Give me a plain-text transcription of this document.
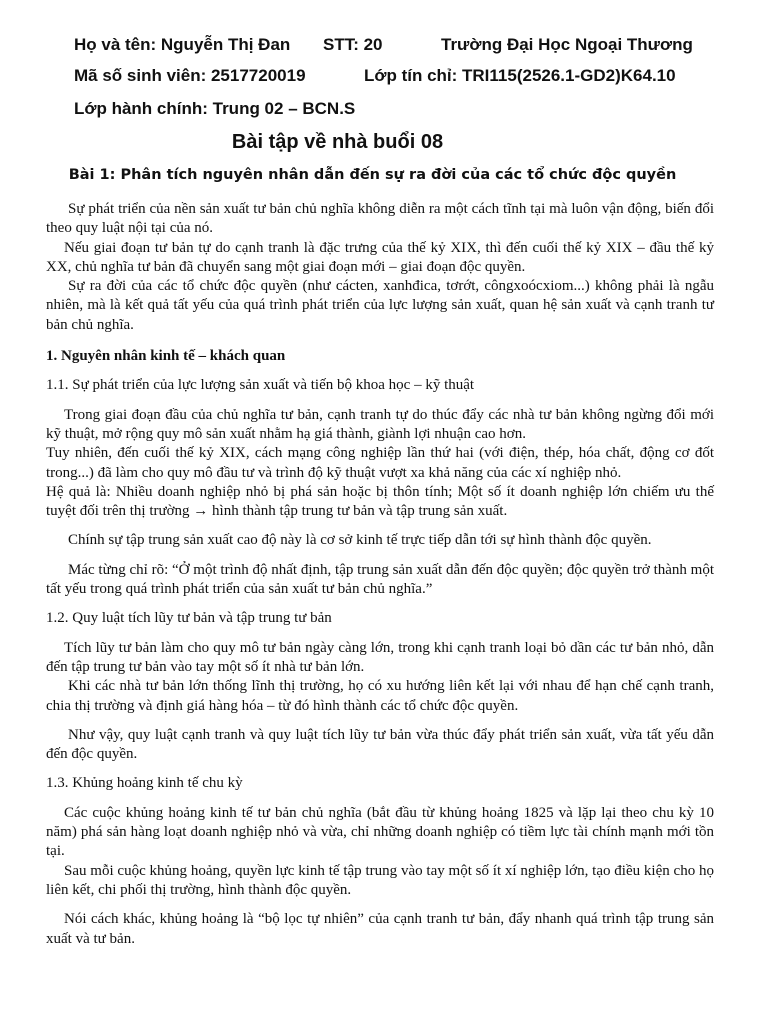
Họ và tên: Nguyễn Thị Đan STT: 20	Trường Đại Học Ngoại Thương
Mã số sinh viên: 2517720019	Lớp tín chỉ: TRI115(2526.1-GD2)K64.10
Lớp hành chính: Trung 02 – BCN.S
Bài tập về nhà buổi 08
Bài 1: Phân tích nguyên nhân dẫn đến sự ra đời của các tổ chức độc quyền

Sự phát triển của nền sản xuất tư bản chủ nghĩa không diễn ra một cách tĩnh tại mà luôn vận động, biến đổi theo quy luật nội tại của nó.

Nếu giai đoạn tư bản tự do cạnh tranh là đặc trưng của thế kỷ XIX, thì đến cuối thế kỷ XIX – đầu thế kỷ XX, chủ nghĩa tư bản đã chuyển sang một giai đoạn mới – giai đoạn độc quyền.

Sự ra đời của các tổ chức độc quyền (như cácten, xanhđica, tơrớt, côngxoócxiom...) không phải là ngẫu nhiên, mà là kết quả tất yếu của quá trình phát triển của lực lượng sản xuất, quan hệ sản xuất và cạnh tranh tư bản chủ nghĩa.

1. Nguyên nhân kinh tế – khách quan

1.1. Sự phát triển của lực lượng sản xuất và tiến bộ khoa học – kỹ thuật

Trong giai đoạn đầu của chủ nghĩa tư bản, cạnh tranh tự do thúc đẩy các nhà tư bản không ngừng đổi mới kỹ thuật, mở rộng quy mô sản xuất nhằm hạ giá thành, giành lợi nhuận cao hơn.

Tuy nhiên, đến cuối thế kỷ XIX, cách mạng công nghiệp lần thứ hai (với điện, thép, hóa chất, động cơ đốt trong...) đã làm cho quy mô đầu tư và trình độ kỹ thuật vượt xa khả năng của các xí nghiệp nhỏ.

Hệ quả là: Nhiều doanh nghiệp nhỏ bị phá sản hoặc bị thôn tính; Một số ít doanh nghiệp lớn chiếm ưu thế tuyệt đối trên thị trường → hình thành tập trung tư bản và tập trung sản xuất.

Chính sự tập trung sản xuất cao độ này là cơ sở kinh tế trực tiếp dẫn tới sự hình thành độc quyền.

Mác từng chỉ rõ: “Ở một trình độ nhất định, tập trung sản xuất dẫn đến độc quyền; độc quyền trở thành một tất yếu trong quá trình phát triển của sản xuất tư bản chủ nghĩa.”

1.2. Quy luật tích lũy tư bản và tập trung tư bản

Tích lũy tư bản làm cho quy mô tư bản ngày càng lớn, trong khi cạnh tranh loại bỏ dần các tư bản nhỏ, dẫn đến tập trung tư bản vào tay một số ít nhà tư bản lớn.

Khi các nhà tư bản lớn thống lĩnh thị trường, họ có xu hướng liên kết lại với nhau để hạn chế cạnh tranh, chia thị trường và định giá hàng hóa – từ đó hình thành các tổ chức độc quyền.

Như vậy, quy luật cạnh tranh và quy luật tích lũy tư bản vừa thúc đẩy phát triển sản xuất, vừa tất yếu dẫn đến độc quyền.

1.3. Khủng hoảng kinh tế chu kỳ

Các cuộc khủng hoảng kinh tế tư bản chủ nghĩa (bắt đầu từ khủng hoảng 1825 và lặp lại theo chu kỳ 10 năm) phá sản hàng loạt doanh nghiệp nhỏ và vừa, chỉ những doanh nghiệp có tiềm lực tài chính mạnh mới tồn tại.

Sau mỗi cuộc khủng hoảng, quyền lực kinh tế tập trung vào tay một số ít xí nghiệp lớn, tạo điều kiện cho họ liên kết, chi phối thị trường, hình thành độc quyền.

Nói cách khác, khủng hoảng là “bộ lọc tự nhiên” của cạnh tranh tư bản, đẩy nhanh quá trình tập trung sản xuất và tư bản.
